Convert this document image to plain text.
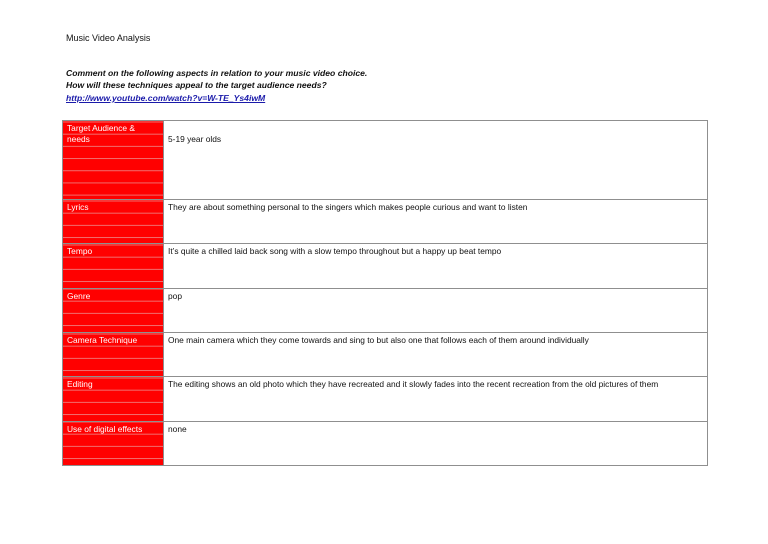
Music Video Analysis
Comment on the following aspects in relation to your music video choice.
How will these techniques appeal to the target audience needs?
http://www.youtube.com/watch?v=W-TE_Ys4iwM
Target Audience & needs	5-19 year olds
Lyrics	They are about something personal to the singers which makes people curious and want to listen
Tempo	It’s quite a chilled laid back song with a slow tempo throughout but a happy up beat tempo
Genre	pop
Camera Technique	One main camera which they come towards and sing to but also one that follows each of them around individually
Editing	The editing shows an old photo which they have recreated and it slowly fades into the recent recreation from the old pictures of them
Use of digital effects	none
